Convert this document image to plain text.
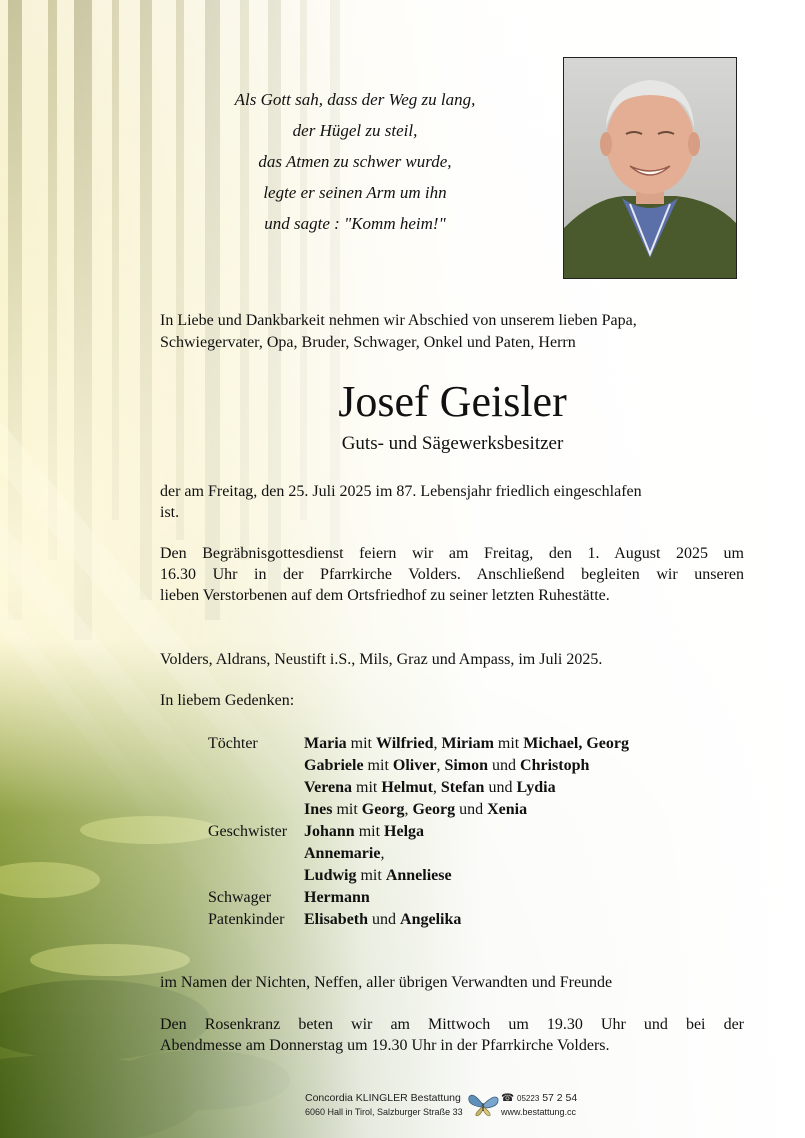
Als Gott sah, dass der Weg zu lang,
der Hügel zu steil,
das Atmen zu schwer wurde,
legte er seinen Arm um ihn
und sagte : "Komm heim!"
In Liebe und Dankbarkeit nehmen wir Abschied von unserem lieben Papa,
Schwiegervater, Opa, Bruder, Schwager, Onkel und Paten, Herrn
Josef Geisler
Guts- und Sägewerksbesitzer
der am Freitag, den 25. Juli 2025 im 87. Lebensjahr friedlich eingeschlafen
ist.
Den Begräbnisgottesdienst feiern wir am Freitag, den 1. August 2025 um
16.30 Uhr in der Pfarrkirche Volders. Anschließend begleiten wir unseren
lieben Verstorbenen auf dem Ortsfriedhof zu seiner letzten Ruhestätte.
Volders, Aldrans, Neustift i.S., Mils, Graz und Ampass, im Juli 2025.
In liebem Gedenken:
Töchter	Maria mit Wilfried, Miriam mit Michael, Georg
Gabriele mit Oliver, Simon und Christoph
Verena mit Helmut, Stefan und Lydia
Ines mit Georg, Georg und Xenia
Geschwister	Johann mit Helga
Annemarie,
Ludwig mit Anneliese
Schwager	Hermann
Patenkinder	Elisabeth und Angelika
im Namen der Nichten, Neffen, aller übrigen Verwandten und Freunde
Den Rosenkranz beten wir am Mittwoch um 19.30 Uhr und bei der
Abendmesse am Donnerstag um 19.30 Uhr in der Pfarrkirche Volders.
Concordia KLINGLER Bestattung
6060 Hall in Tirol, Salzburger Straße 33
☎ 05223 57 2 54
www.bestattung.cc
